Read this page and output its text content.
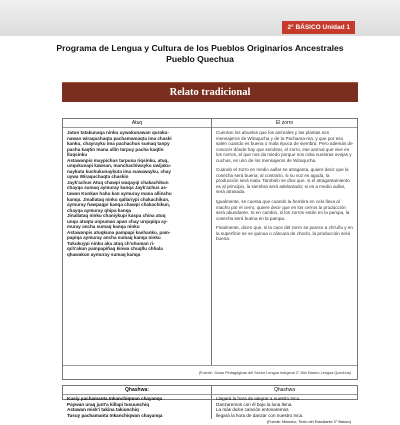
2° BÁSICO Unidad 1
Programa de Lengua y Cultura de los Pueblos Originarios Ancestrales
Pueblo Quechua
Relato tradicional
Atuq
Jatun tatakunaqa ninku uywakunawan quraku-
nawan wiraquchaqta pachamamaqta ima chaski
kanku, chayrayku ima pachachus sumaq tanpy
pacha kaqtin mana allin tarpuy pacha kaqtin
lluqsinku
Astawanpis maypichus tarpuna riqsinku, atuq,
unqukunapi kawsan, manchachiwayku uwijaku-
naykuta kuchukunaykuta ima suwawayku, chay
uywa Wiraquchaqta chaskin
Jayk'achus Atuq chawpi waqayqi chakachikun
chayqa sumaq aymuray kanqa Jayk'achus as-
tawan Kunkan hahu kan aymuray mana allinchu
kanqa. Jinallataq ninku qallariypi chakachikun,
aymuray ñawpaqpi kanqa chawpi chakachikun,
chayqa aymuray qhipa kanqa
Jinallataq ninku chaniykupi kaspa china atuq
unqu atuqta unpuman apan chay urqupiqa ay-
muray ancha sumaq kanqa ninku
Astawanpis atuqkuna pampapi kashanku, pam-
papiqa aymuray ancha sumaq kanqa ninku
Tukukuypi ninku aka atuq ch'uhuman ri-
qch'akun pampapiñaq kinwa chuqllu chhala
qhawakun aymuray sumaq kanqa
El zorro

Cuentan los abuelos que los animales y las plantas son mensajeros de Wiraqucha y de la Pachama-ma, y que por eso salen cuando es buena o mala época de siembra. Pero además de conocer dónde hay que sembrar, el zorro, ese animal que vive en los cerros, el que nos da miedo porque nos roba nuestras ovejas y cuchus, es uno de los mensajeros de Wiraqucha.

Cuando el zorro en medio aullar se atraganta, quiere decir que la cosecha será buena; al contrario, si su voz es aguda, la producción será mala. También se dice que, si el atragantamiento es al principio, la siembra será adelantado; si es a medio aullar, será atrasada.

Igualmente, se cuenta que cuando la hembra en celo lleva al macho por el cerro, quiere decir que en los cerros la producción será abundante. Si en cambio, si los zorros están en la pampa, la cosecha será buena en la pampa.

Finalmente, dicen que, si la cace del zorro se parece a chi'uñu y en la superficie se ve quinua o cáscara de choclo, la producción será buena.

(Fuente: Guías Pedagógicas del Sector Lengua Indígena 2° Año Básico Lengua Quechua)
Qhashwa:
Kusiy pachamanta Inkanchiqman chayanqa
Paywan uraq junt'a killapi tusuunchiq
Astawan misk'i takina takiunchiq
Tusuy pachamanta Inkanchiqwan chayanqa
Qhashwa
Llegará la hora de alegrar a nuestro Inca.
Danzaremos con él bajo la luna llena.
La más dulce canción entonaremos
llegará la hora de danzar con nuestro Inca.
(Fuente: Mineduc, Texto del Estudiante 3° Básico)
